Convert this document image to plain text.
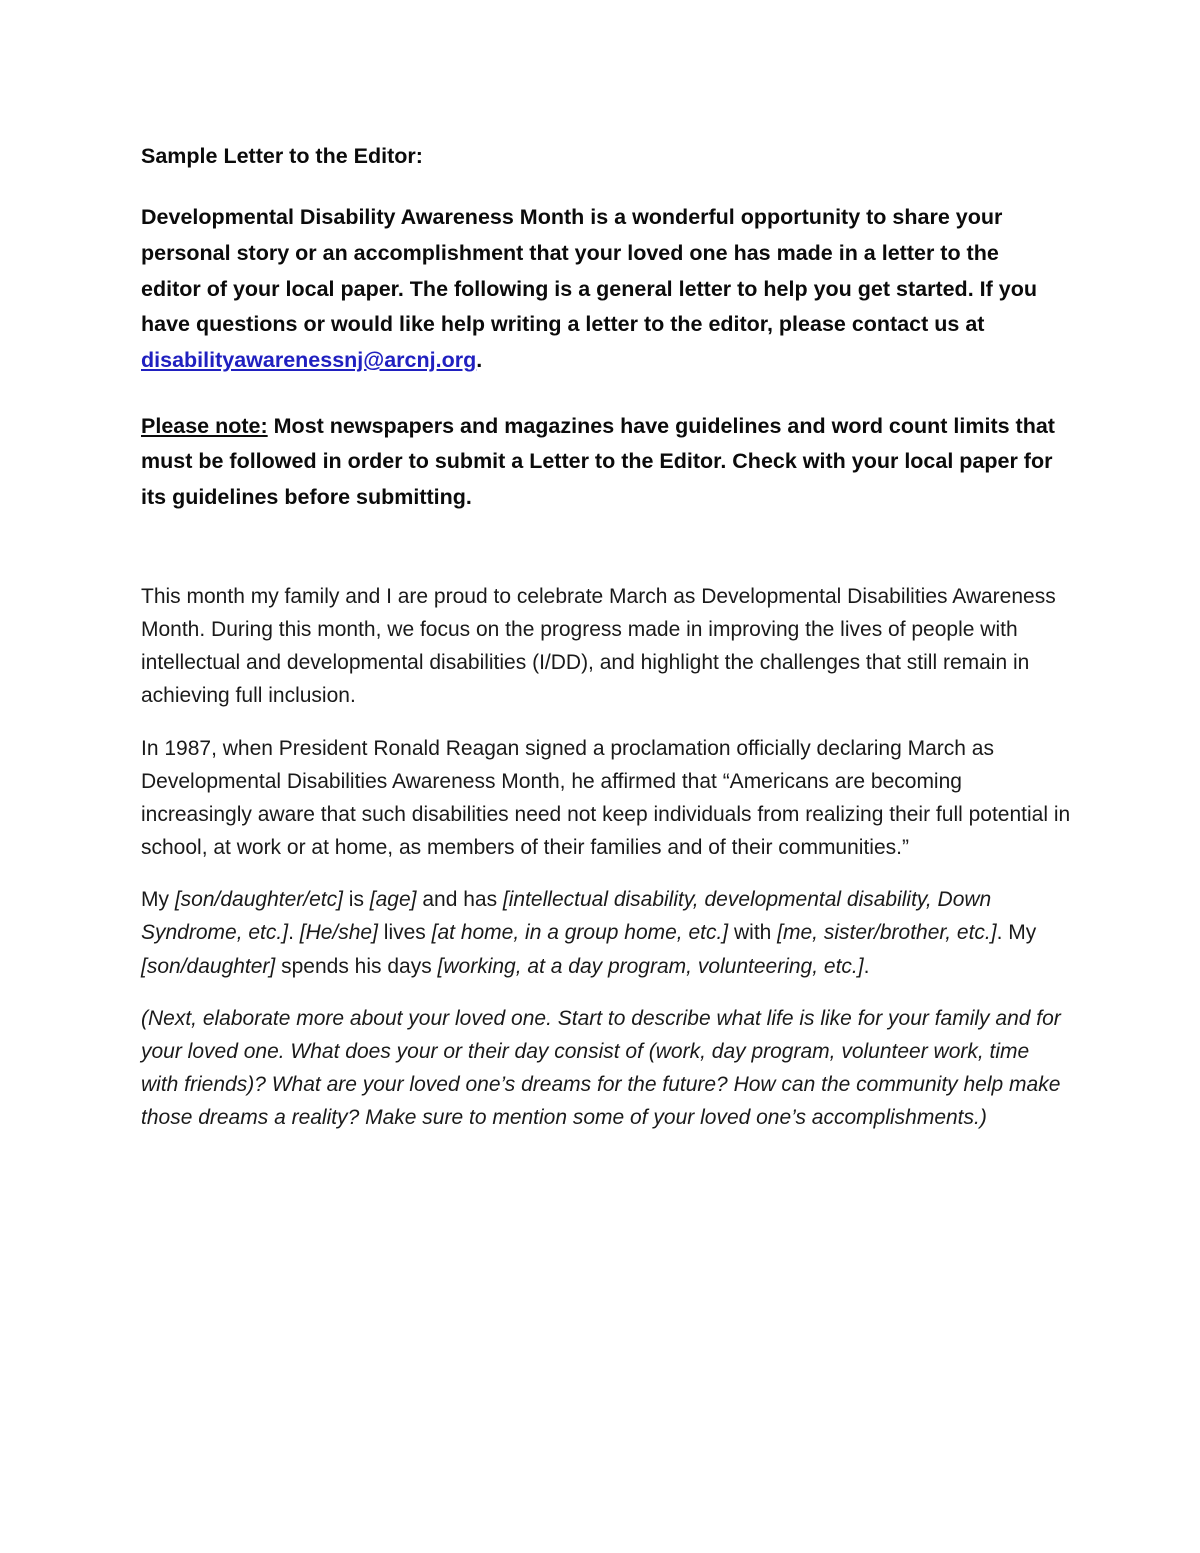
Sample Letter to the Editor:

Developmental Disability Awareness Month is a wonderful opportunity to share your personal story or an accomplishment that your loved one has made in a letter to the editor of your local paper. The following is a general letter to help you get started. If you have questions or would like help writing a letter to the editor, please contact us at disabilityawarenessnj@arcnj.org.

Please note: Most newspapers and magazines have guidelines and word count limits that must be followed in order to submit a Letter to the Editor. Check with your local paper for its guidelines before submitting.

This month my family and I are proud to celebrate March as Developmental Disabilities Awareness Month. During this month, we focus on the progress made in improving the lives of people with intellectual and developmental disabilities (I/DD), and highlight the challenges that still remain in achieving full inclusion.

In 1987, when President Ronald Reagan signed a proclamation officially declaring March as Developmental Disabilities Awareness Month, he affirmed that “Americans are becoming increasingly aware that such disabilities need not keep individuals from realizing their full potential in school, at work or at home, as members of their families and of their communities.”

My [son/daughter/etc] is [age] and has [intellectual disability, developmental disability, Down Syndrome, etc.]. [He/she] lives [at home, in a group home, etc.] with [me, sister/brother, etc.]. My [son/daughter] spends his days [working, at a day program, volunteering, etc.].

(Next, elaborate more about your loved one. Start to describe what life is like for your family and for your loved one. What does your or their day consist of (work, day program, volunteer work, time with friends)? What are your loved one’s dreams for the future? How can the community help make those dreams a reality? Make sure to mention some of your loved one’s accomplishments.)
